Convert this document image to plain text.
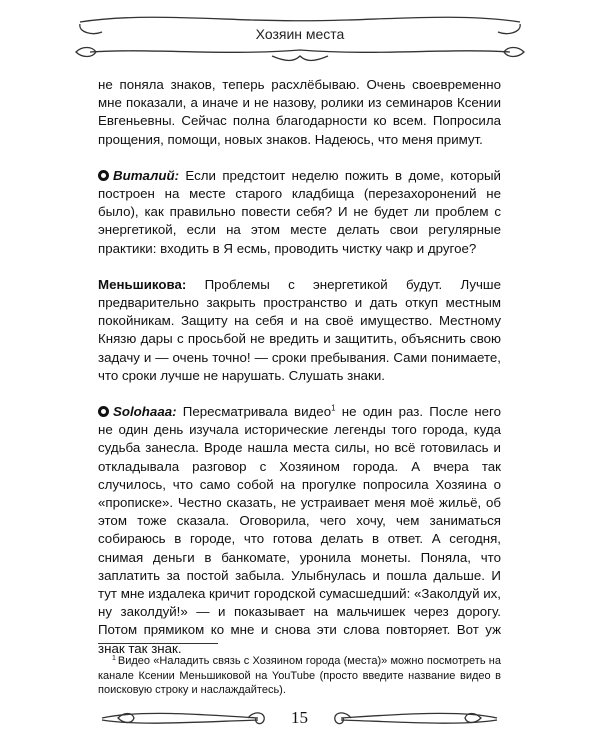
Хозяин места

не поняла знаков, теперь расхлёбываю. Очень своевременно мне показали, а иначе и не назову, ролики из семинаров Ксении Евгеньевны. Сейчас полна благодарности ко всем. Попросила прощения, помощи, новых знаков. Надеюсь, что меня примут.

Виталий: Если предстоит неделю пожить в доме, который построен на месте старого кладбища (перезахоронений не было), как правильно повести себя? И не будет ли проблем с энергетикой, если на этом месте делать свои регулярные практики: входить в Я есмь, проводить чистку чакр и другое?

Меньшикова: Проблемы с энергетикой будут. Лучше предварительно закрыть пространство и дать откуп местным покойникам. Защиту на себя и на своё имущество. Местному Князю дары с просьбой не вредить и защитить, объяснить свою задачу и — очень точно! — сроки пребывания. Сами понимаете, что сроки лучше не нарушать. Слушать знаки.

Solohaaa: Пересматривала видео$^1$ не один раз. После него не один день изучала исторические легенды того города, куда судьба занесла. Вроде нашла места силы, но всё готовилась и откладывала разговор с Хозяином города. А вчера так случилось, что само собой на прогулке попросила Хозяина о «прописке». Честно сказать, не устраивает меня моё жильё, об этом тоже сказала. Оговорила, чего хочу, чем заниматься собираюсь в городе, что готова делать в ответ. А сегодня, снимая деньги в банкомате, уронила монеты. Поняла, что заплатить за постой забыла. Улыбнулась и пошла дальше. И тут мне издалека кричит городской сумасшедший: «Заколдуй их, ну заколдуй!» — и показывает на мальчишек через дорогу. Потом прямиком ко мне и снова эти слова повторяет. Вот уж знак так знак.

$^1$ Видео «Наладить связь с Хозяином города (места)» можно посмотреть на канале Ксении Меньшиковой на YouTube (просто введите название видео в поисковую строку и наслаждайтесь).
15
